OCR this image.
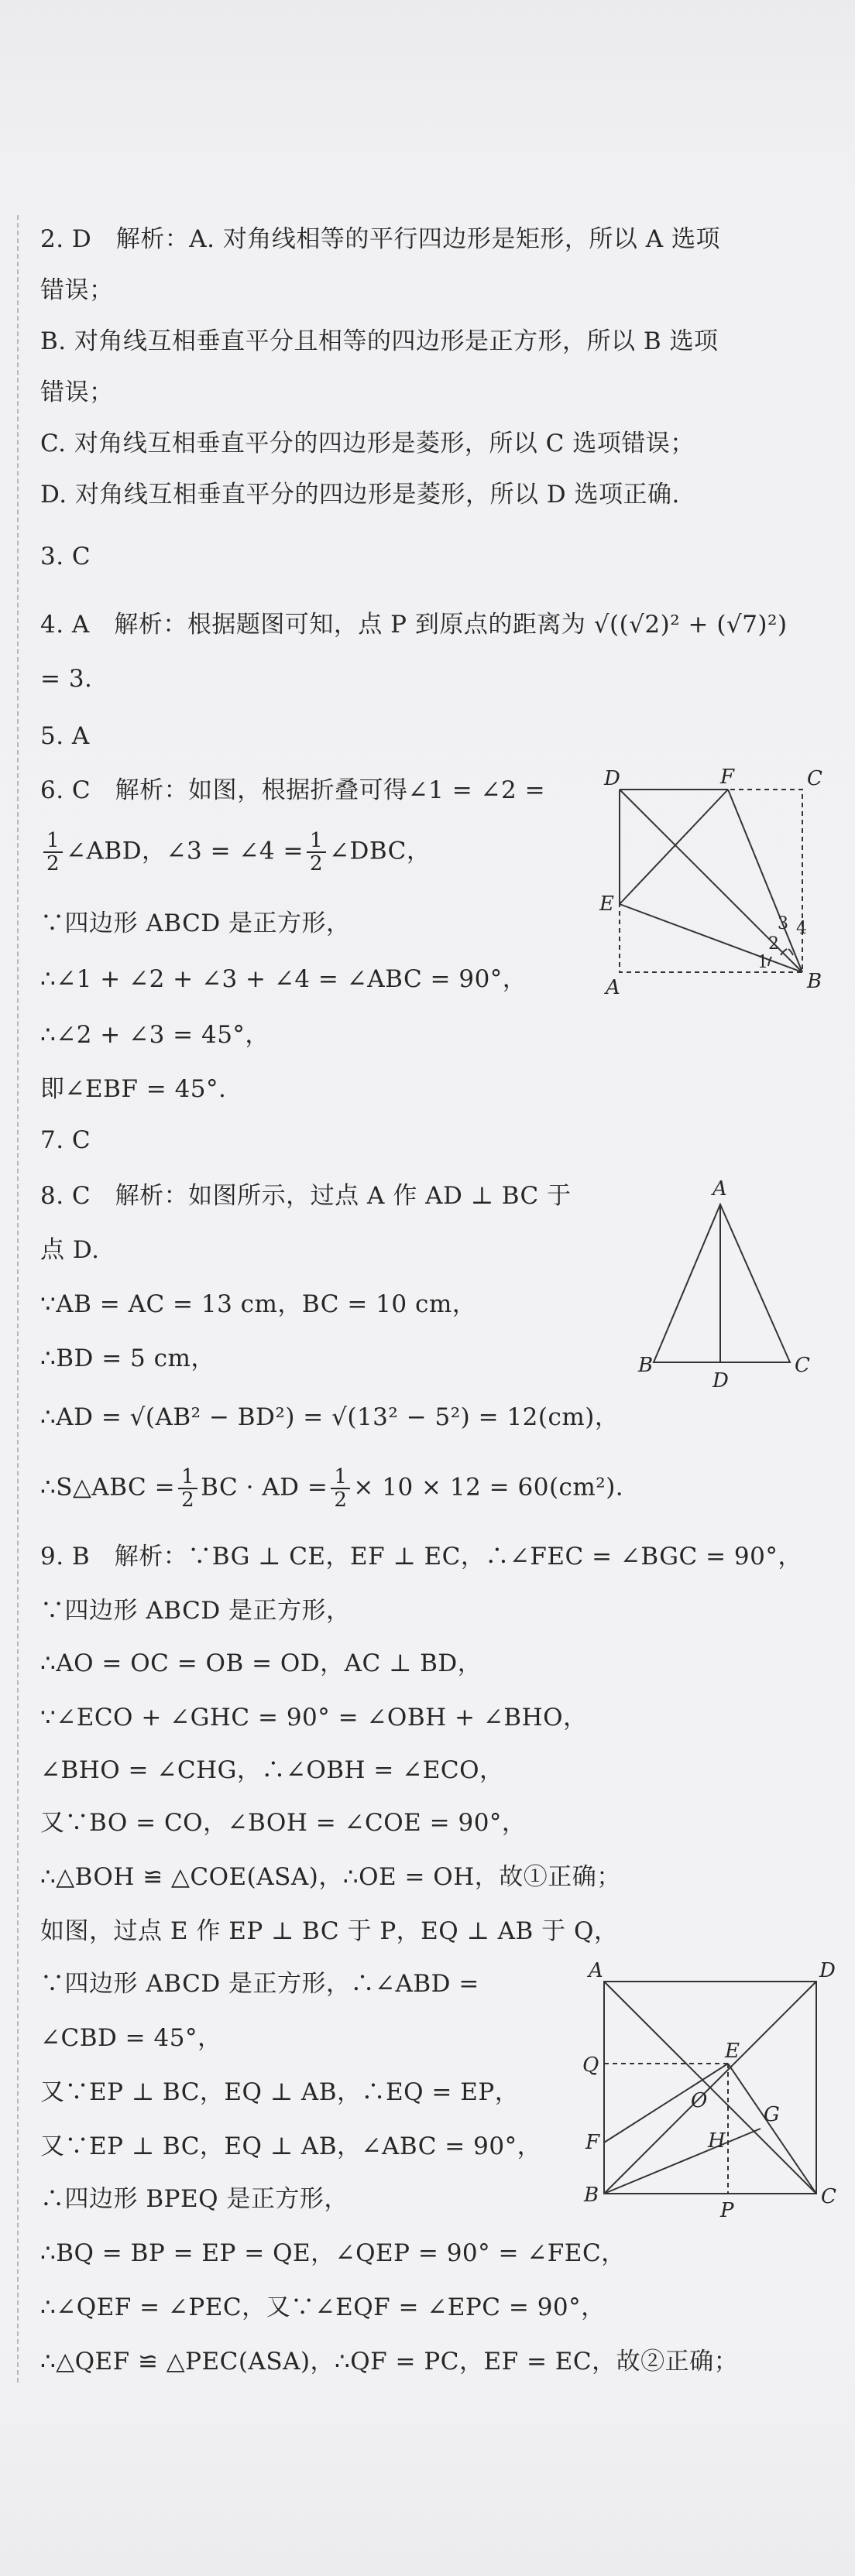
2. D　解析：A. 对角线相等的平行四边形是矩形，所以 A 选项
错误；
B. 对角线互相垂直平分且相等的四边形是正方形，所以 B 选项
错误；
C. 对角线互相垂直平分的四边形是菱形，所以 C 选项错误；
D. 对角线互相垂直平分的四边形是菱形，所以 D 选项正确.
3. C
4. A　解析：根据题图可知，点 P 到原点的距离为 √((√2)² + (√7)²)
= 3.
5. A
6. C　解析：如图，根据折叠可得∠1 = ∠2 =
$\frac{1}{2}$ ∠ABD，∠3 = ∠4 = $\frac{1}{2}$ ∠DBC，
∵四边形 ABCD 是正方形，
∴∠1 + ∠2 + ∠3 + ∠4 = ∠ABC = 90°，
∴∠2 + ∠3 = 45°，
即∠EBF = 45°.
D	F	C
E
A	B
1
2
3 4
7. C
8. C　解析：如图所示，过点 A 作 AD ⊥ BC 于
点 D.
∵AB = AC = 13 cm，BC = 10 cm，
∴BD = 5 cm，
∴AD = √(AB² − BD²) = √(13² − 5²) = 12(cm)，
∴S△ABC = $\frac{1}{2}$ BC · AD = $\frac{1}{2} \times 10 \times 12 = 60(cm^2)$.
A
B	C
D
9. B　解析：∵BG ⊥ CE，EF ⊥ EC，∴∠FEC = ∠BGC = 90°，
∵四边形 ABCD 是正方形，
∴AO = OC = OB = OD，AC ⊥ BD，
∵∠ECO + ∠GHC = 90° = ∠OBH + ∠BHO，
∠BHO = ∠CHG，∴∠OBH = ∠ECO，
又∵BO = CO，∠BOH = ∠COE = 90°，
∴△BOH ≌ △COE(ASA)，∴OE = OH，故①正确；
如图，过点 E 作 EP ⊥ BC 于 P，EQ ⊥ AB 于 Q，
∵四边形 ABCD 是正方形，∴∠ABD =
∠CBD = 45°，
又∵EP ⊥ BC，EQ ⊥ AB，∴EQ = EP，
又∵EP ⊥ BC，EQ ⊥ AB，∠ABC = 90°，
∴四边形 BPEQ 是正方形，
∴BQ = BP = EP = QE，∠QEP = 90° = ∠FEC，
∴∠QEF = ∠PEC，又∵∠EQF = ∠EPC = 90°，
∴△QEF ≌ △PEC(ASA)，∴QF = PC，EF = EC，故②正确；
A	D
Q
E
F
O
G
H
B
P
C
